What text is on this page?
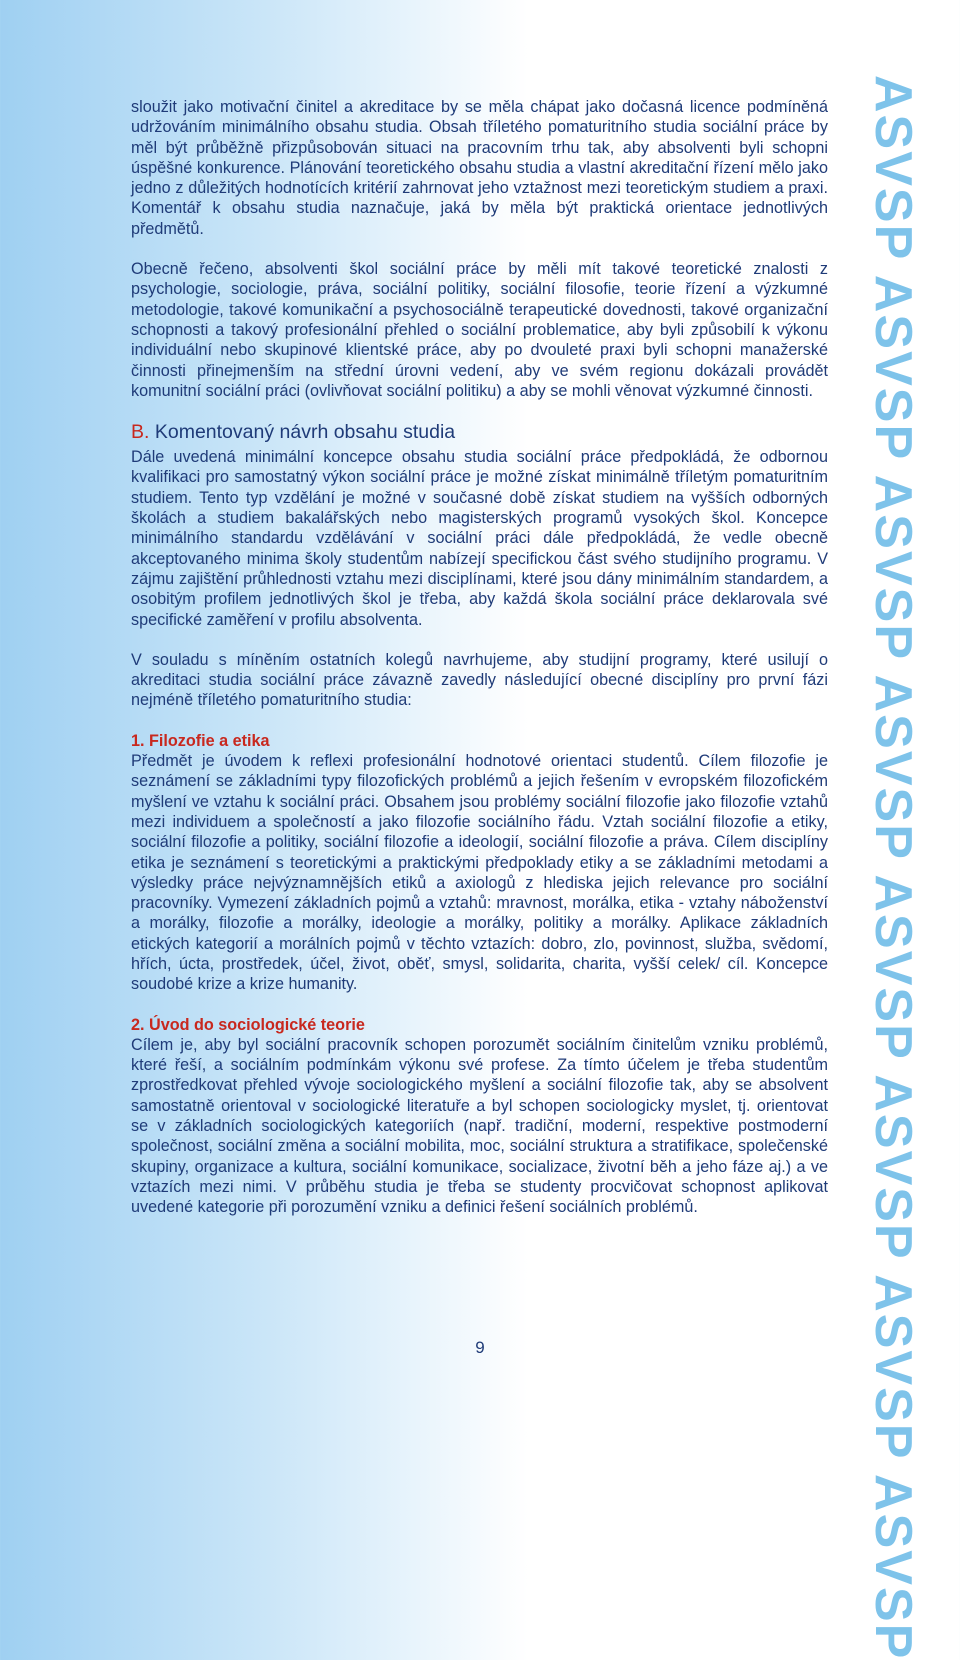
sloužit jako motivační činitel a akreditace by se měla chápat jako dočasná licence podmíněná udržováním minimálního obsahu studia. Obsah tříletého pomaturitního studia sociální práce by měl být průběžně přizpůsobován situaci na pracovním trhu tak, aby absolventi byli schopni úspěšné konkurence. Plánování teoretického obsahu studia a vlastní akreditační řízení mělo jako jedno z důležitých hodnotících kritérií zahrnovat jeho vztažnost mezi teoretickým studiem a praxi. Komentář k obsahu studia naznačuje, jaká by měla být praktická orientace jednotlivých předmětů.

Obecně řečeno, absolventi škol sociální práce by měli mít takové teoretické znalosti z psychologie, sociologie, práva, sociální politiky, sociální filosofie, teorie řízení a výzkumné metodologie, takové komunikační a psychosociálně terapeutické dovednosti, takové organizační schopnosti a takový profesionální přehled o sociální problematice, aby byli způsobilí k výkonu individuální nebo skupinové klientské práce, aby po dvouleté praxi byli schopni manažerské činnosti přinejmenším na střední úrovni vedení, aby ve svém regionu dokázali provádět komunitní sociální práci (ovlivňovat sociální politiku) a aby se mohli věnovat výzkumné činnosti.

B. Komentovaný návrh obsahu studia

Dále uvedená minimální koncepce obsahu studia sociální práce předpokládá, že odbornou kvalifikaci pro samostatný výkon sociální práce je možné získat minimálně tříletým pomaturitním studiem. Tento typ vzdělání je možné v současné době získat studiem na vyšších odborných školách a studiem bakalářských nebo magisterských programů vysokých škol. Koncepce minimálního standardu vzdělávání v sociální práci dále předpokládá, že vedle obecně akceptovaného minima školy studentům nabízejí specifickou část svého studijního programu. V zájmu zajištění průhlednosti vztahu mezi disciplínami, které jsou dány minimálním standardem, a osobitým profilem jednotlivých škol je třeba, aby každá škola sociální práce deklarovala své specifické zaměření v profilu absolventa.

V souladu s míněním ostatních kolegů navrhujeme, aby studijní programy, které usilují o akreditaci studia sociální práce závazně zavedly následující obecné disciplíny pro první fázi nejméně tříletého pomaturitního studia:

1. Filozofie a etika

Předmět je úvodem k reflexi profesionální hodnotové orientaci studentů. Cílem filozofie je seznámení se základními typy filozofických problémů a jejich řešením v evropském filozofickém myšlení ve vztahu k sociální práci. Obsahem jsou problémy sociální filozofie jako filozofie vztahů mezi individuem a společností a jako filozofie sociálního řádu. Vztah sociální filozofie a etiky, sociální filozofie a politiky, sociální filozofie a ideologií, sociální filozofie a práva. Cílem disciplíny etika je seznámení s teoretickými a praktickými předpoklady etiky a se základními metodami a výsledky práce nejvýznamnějších etiků a axiologů z hlediska jejich relevance pro sociální pracovníky. Vymezení základních pojmů a vztahů: mravnost, morálka, etika - vztahy náboženství a morálky, filozofie a morálky, ideologie a morálky, politiky a morálky. Aplikace základních etických kategorií a morálních pojmů v těchto vztazích: dobro, zlo, povinnost, služba, svědomí, hřích, úcta, prostředek, účel, život, oběť, smysl, solidarita, charita, vyšší celek/ cíl. Koncepce soudobé krize a krize humanity.

2. Úvod do sociologické teorie

Cílem je, aby byl sociální pracovník schopen porozumět sociálním činitelům vzniku problémů, které řeší, a sociálním podmínkám výkonu své profese. Za tímto účelem je třeba studentům zprostředkovat přehled vývoje sociologického myšlení a sociální filozofie tak, aby se absolvent samostatně orientoval v sociologické literatuře a byl schopen sociologicky myslet, tj. orientovat se v základních sociologických kategoriích (např. tradiční, moderní, respektive postmoderní společnost, sociální změna a sociální mobilita, moc, sociální struktura a stratifikace, společenské skupiny, organizace a kultura, sociální komunikace, socializace, životní běh a jeho fáze aj.) a ve vztazích mezi nimi. V průběhu studia je třeba se studenty procvičovat schopnost aplikovat uvedené kategorie při porozumění vzniku a definici řešení sociálních problémů.	ASVSP ASVSP ASVSP ASVSP ASVSP ASVSP ASVSP ASVSP
9
